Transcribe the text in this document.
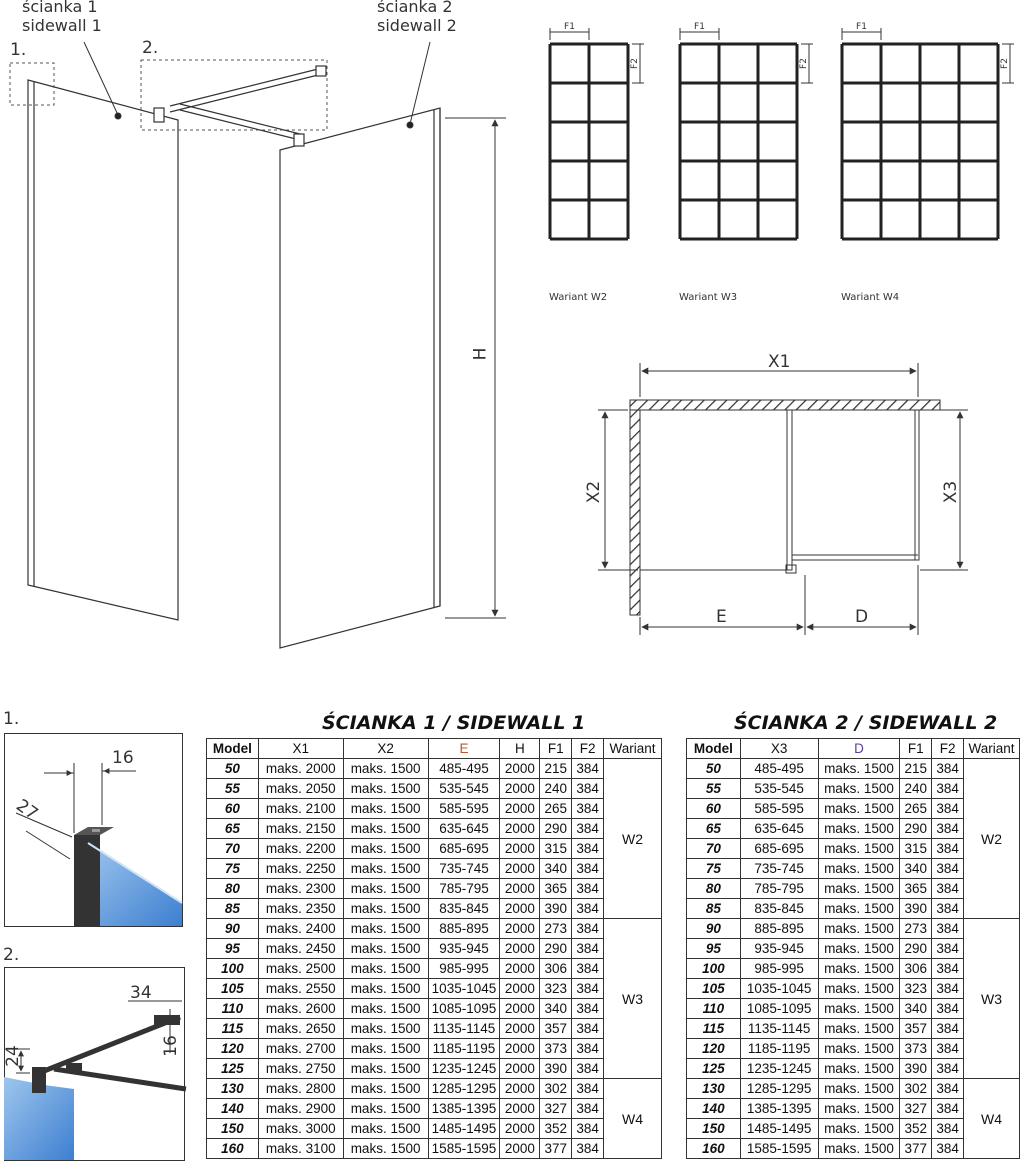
ścianka 1
sidewall 1
ścianka 2
sidewall 2
1.	2.
H
F1
F2
F1
F2
F1
F2
Wariant W2	Wariant W3	Wariant W4
X1
X2	X3
E	D
1.
16
27
2.
34
24	16
ŚCIANKA 1 / SIDEWALL 1
Model	X1	X2	E	H	F1	F2	Wariant
50	maks. 2000	maks. 1500	485-495	2000	215	384	W2
55	maks. 2050	maks. 1500	535-545	2000	240	384	
60	maks. 2100	maks. 1500	585-595	2000	265	384	
65	maks. 2150	maks. 1500	635-645	2000	290	384	
70	maks. 2200	maks. 1500	685-695	2000	315	384	
75	maks. 2250	maks. 1500	735-745	2000	340	384	
80	maks. 2300	maks. 1500	785-795	2000	365	384	
85	maks. 2350	maks. 1500	835-845	2000	390	384	
90	maks. 2400	maks. 1500	885-895	2000	273	384	W3
95	maks. 2450	maks. 1500	935-945	2000	290	384	
100	maks. 2500	maks. 1500	985-995	2000	306	384	
105	maks. 2550	maks. 1500	1035-1045	2000	323	384	
110	maks. 2600	maks. 1500	1085-1095	2000	340	384	
115	maks. 2650	maks. 1500	1135-1145	2000	357	384	
120	maks. 2700	maks. 1500	1185-1195	2000	373	384	
125	maks. 2750	maks. 1500	1235-1245	2000	390	384	
130	maks. 2800	maks. 1500	1285-1295	2000	302	384	W4
140	maks. 2900	maks. 1500	1385-1395	2000	327	384	
150	maks. 3000	maks. 1500	1485-1495	2000	352	384	
160	maks. 3100	maks. 1500	1585-1595	2000	377	384	
ŚCIANKA 2 / SIDEWALL 2
Model	X3	D	F1	F2	Wariant
50	485-495	maks. 1500	215	384	W2
55	535-545	maks. 1500	240	384	
60	585-595	maks. 1500	265	384	
65	635-645	maks. 1500	290	384	
70	685-695	maks. 1500	315	384	
75	735-745	maks. 1500	340	384	
80	785-795	maks. 1500	365	384	
85	835-845	maks. 1500	390	384	
90	885-895	maks. 1500	273	384	W3
95	935-945	maks. 1500	290	384	
100	985-995	maks. 1500	306	384	
105	1035-1045	maks. 1500	323	384	
110	1085-1095	maks. 1500	340	384	
115	1135-1145	maks. 1500	357	384	
120	1185-1195	maks. 1500	373	384	
125	1235-1245	maks. 1500	390	384	
130	1285-1295	maks. 1500	302	384	W4
140	1385-1395	maks. 1500	327	384	
150	1485-1495	maks. 1500	352	384	
160	1585-1595	maks. 1500	377	384	
